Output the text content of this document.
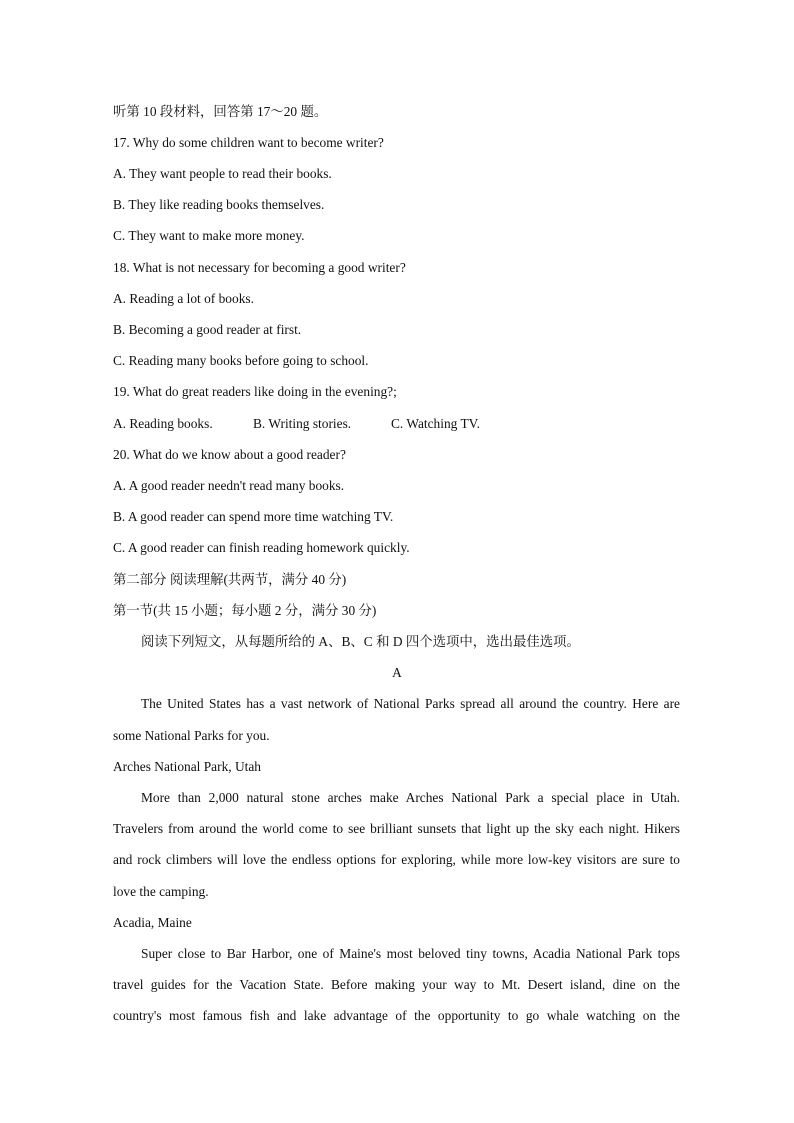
听第 10 段材料，回答第 17～20 题。
17. Why do some children want to become writer?
A. They want people to read their books.
B. They like reading books themselves.
C. They want to make more money.
18. What is not necessary for becoming a good writer?
A. Reading a lot of books.
B. Becoming a good reader at first.
C. Reading many books before going to school.
19. What do great readers like doing in the evening?;
A. Reading books.	B. Writing stories.	C. Watching TV.
20. What do we know about a good reader?
A. A good reader needn't read many books.
B. A good reader can spend more time watching TV.
C. A good reader can finish reading homework quickly.
第二部分 阅读理解(共两节，满分 40 分)
第一节(共 15 小题；每小题 2 分，满分 30 分)
阅读下列短文，从每题所给的 A、B、C 和 D 四个选项中，选出最佳选项。
A
The United States has a vast network of National Parks spread all around the country. Here are
some National Parks for you.
Arches National Park, Utah
More than 2,000 natural stone arches make Arches National Park a special place in Utah.
Travelers from around the world come to see brilliant sunsets that light up the sky each night. Hikers
and rock climbers will love the endless options for exploring, while more low-key visitors are sure to
love the camping.
Acadia, Maine
Super close to Bar Harbor, one of Maine's most beloved tiny towns, Acadia National Park tops
travel guides for the Vacation State. Before making your way to Mt. Desert island, dine on the
country's most famous fish and lake advantage of the opportunity to go whale watching on the
